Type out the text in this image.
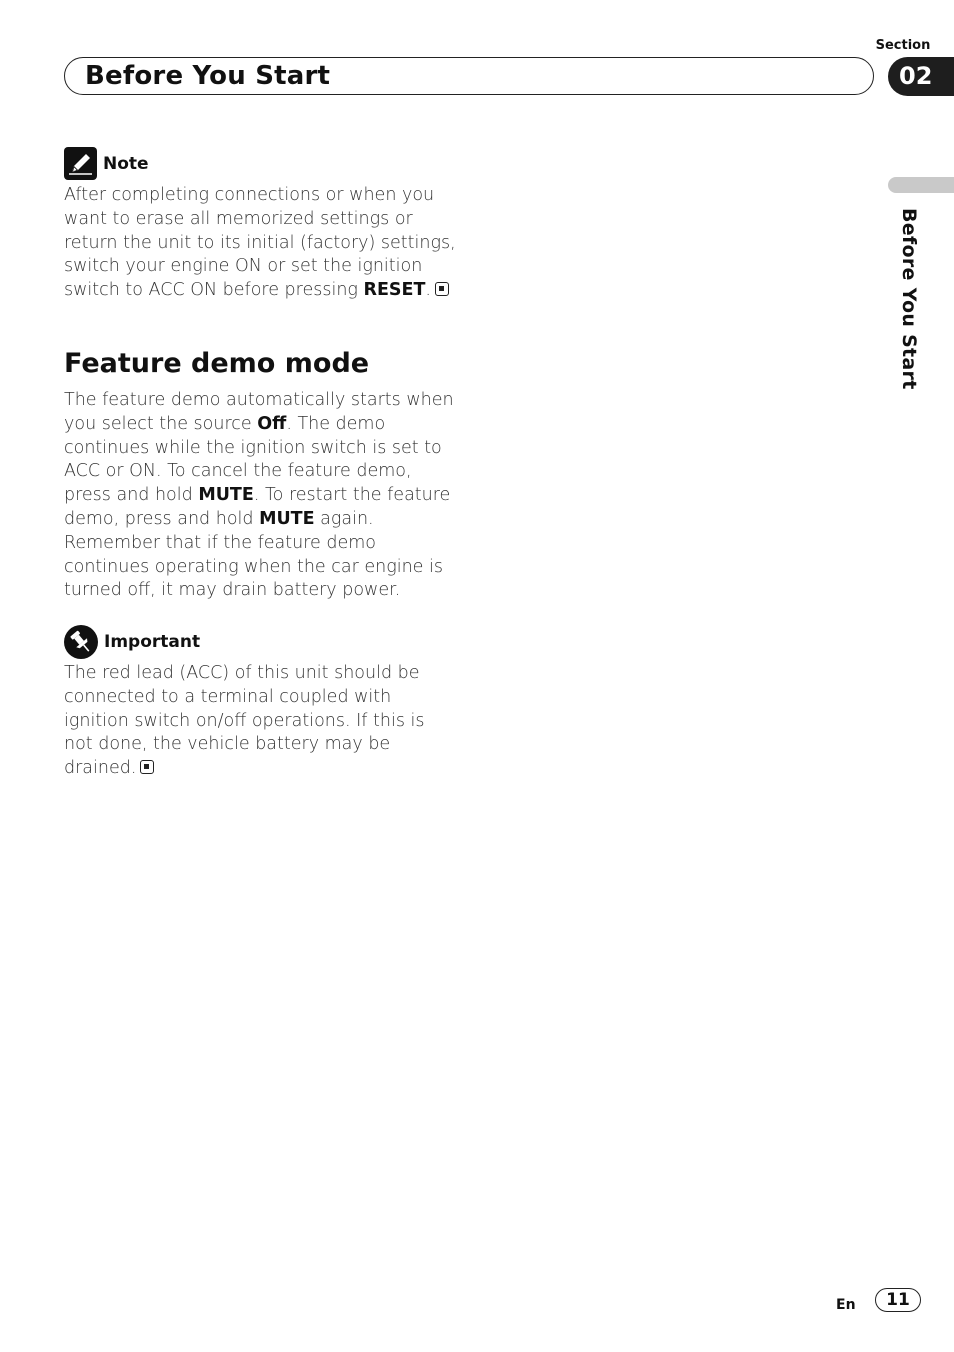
Section
Before You Start	02
Before You Start
Note
After completing connections or when you want to erase all memorized settings or return the unit to its initial (factory) settings, switch your engine ON or set the ignition switch to ACC ON before pressing RESET.
Feature demo mode
The feature demo automatically starts when you select the source Off. The demo continues while the ignition switch is set to ACC or ON. To cancel the feature demo, press and hold MUTE. To restart the feature demo, press and hold MUTE again. Remember that if the feature demo continues operating when the car engine is turned off, it may drain battery power.
Important
The red lead (ACC) of this unit should be connected to a terminal coupled with ignition switch on/off operations. If this is not done, the vehicle battery may be drained.
En	11
